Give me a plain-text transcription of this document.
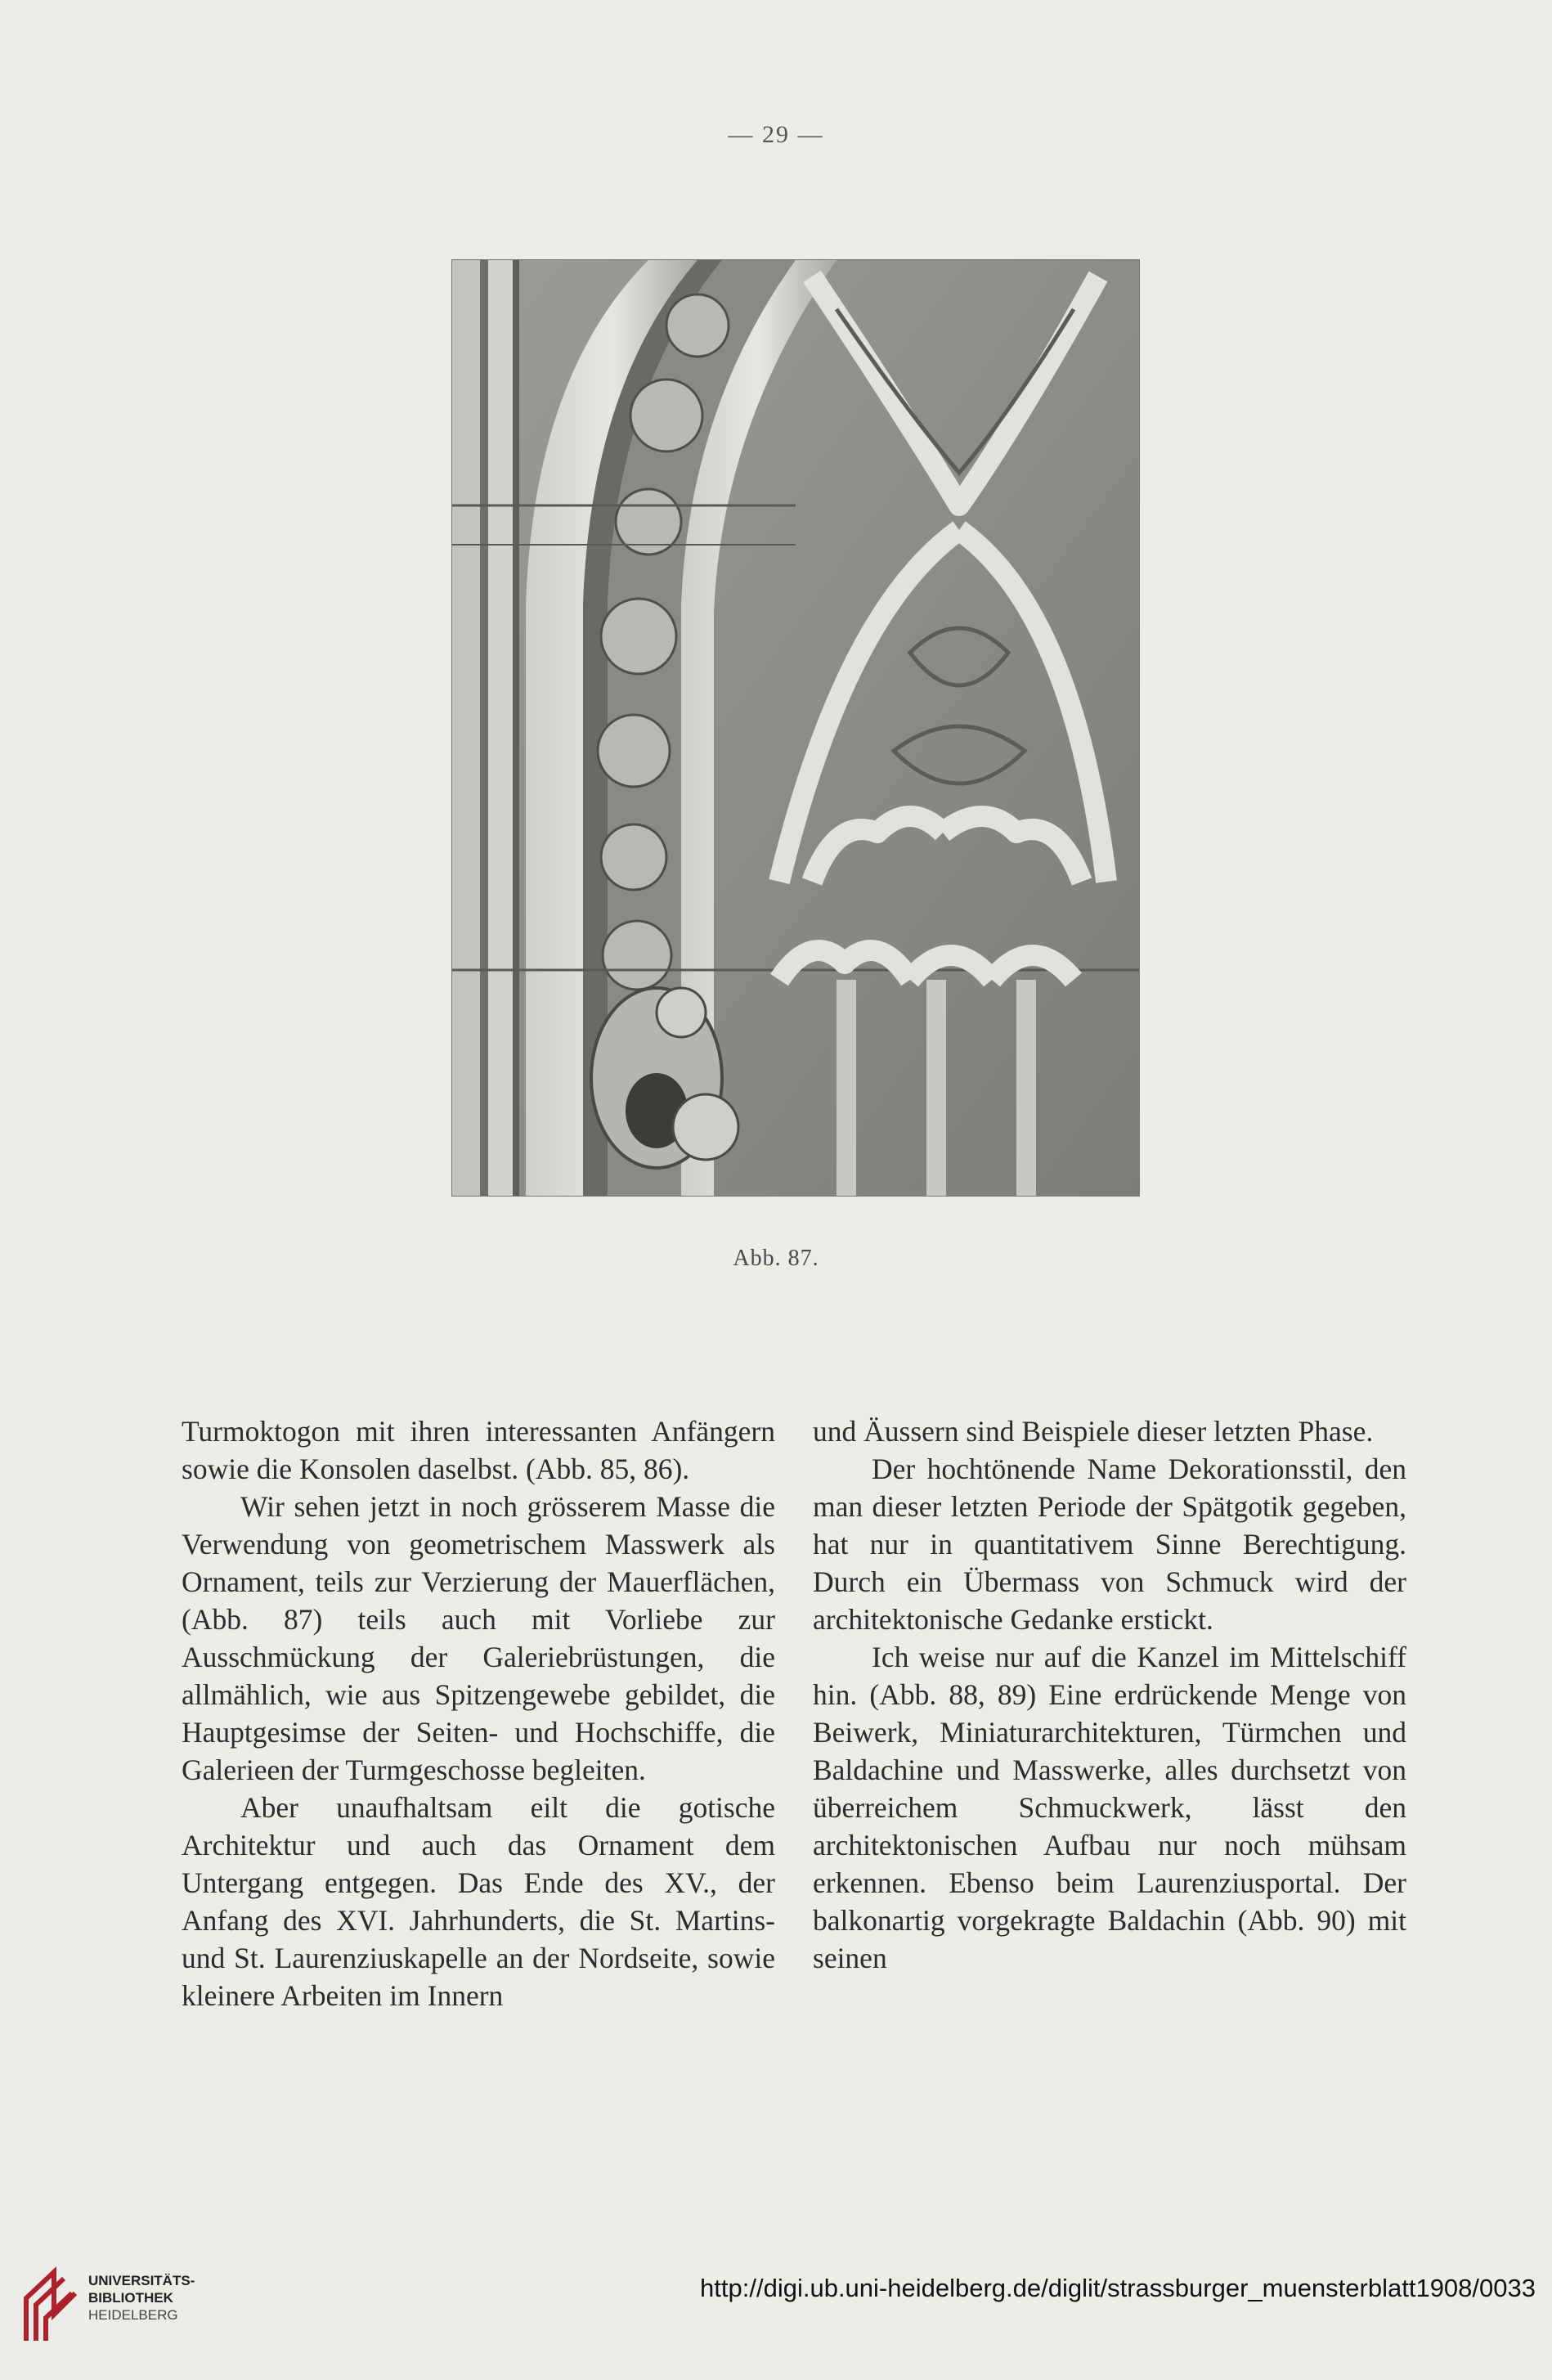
— 29 —
Abb. 87.

Turmoktogon mit ihren interessanten Anfängern sowie die Konsolen daselbst. (Abb. 85, 86).

Wir sehen jetzt in noch grösserem Masse die Verwendung von geometrischem Masswerk als Ornament, teils zur Verzierung der Mauerflächen, (Abb. 87) teils auch mit Vorliebe zur Ausschmückung der Galeriebrüstungen, die allmählich, wie aus Spitzengewebe gebildet, die Hauptgesimse der Seiten- und Hochschiffe, die Galerieen der Turmgeschosse begleiten.

Aber unaufhaltsam eilt die gotische Architektur und auch das Ornament dem Untergang entgegen. Das Ende des XV., der Anfang des XVI. Jahrhunderts, die St. Martins- und St. Laurenziuskapelle an der Nordseite, sowie kleinere Arbeiten im Innern

und Äussern sind Beispiele dieser letzten Phase.

Der hochtönende Name Dekorationsstil, den man dieser letzten Periode der Spätgotik gegeben, hat nur in quantitativem Sinne Berechtigung. Durch ein Übermass von Schmuck wird der architektonische Gedanke erstickt.

Ich weise nur auf die Kanzel im Mittelschiff hin. (Abb. 88, 89) Eine erdrückende Menge von Beiwerk, Miniaturarchitekturen, Türmchen und Baldachine und Masswerke, alles durchsetzt von überreichem Schmuckwerk, lässt den architektonischen Aufbau nur noch mühsam erkennen. Ebenso beim Laurenziusportal. Der balkonartig vorgekragte Baldachin (Abb. 90) mit seinen

UNIVERSITÄTS-
BIBLIOTHEK
HEIDELBERG
http://digi.ub.uni-heidelberg.de/diglit/strassburger_muensterblatt1908/0033
